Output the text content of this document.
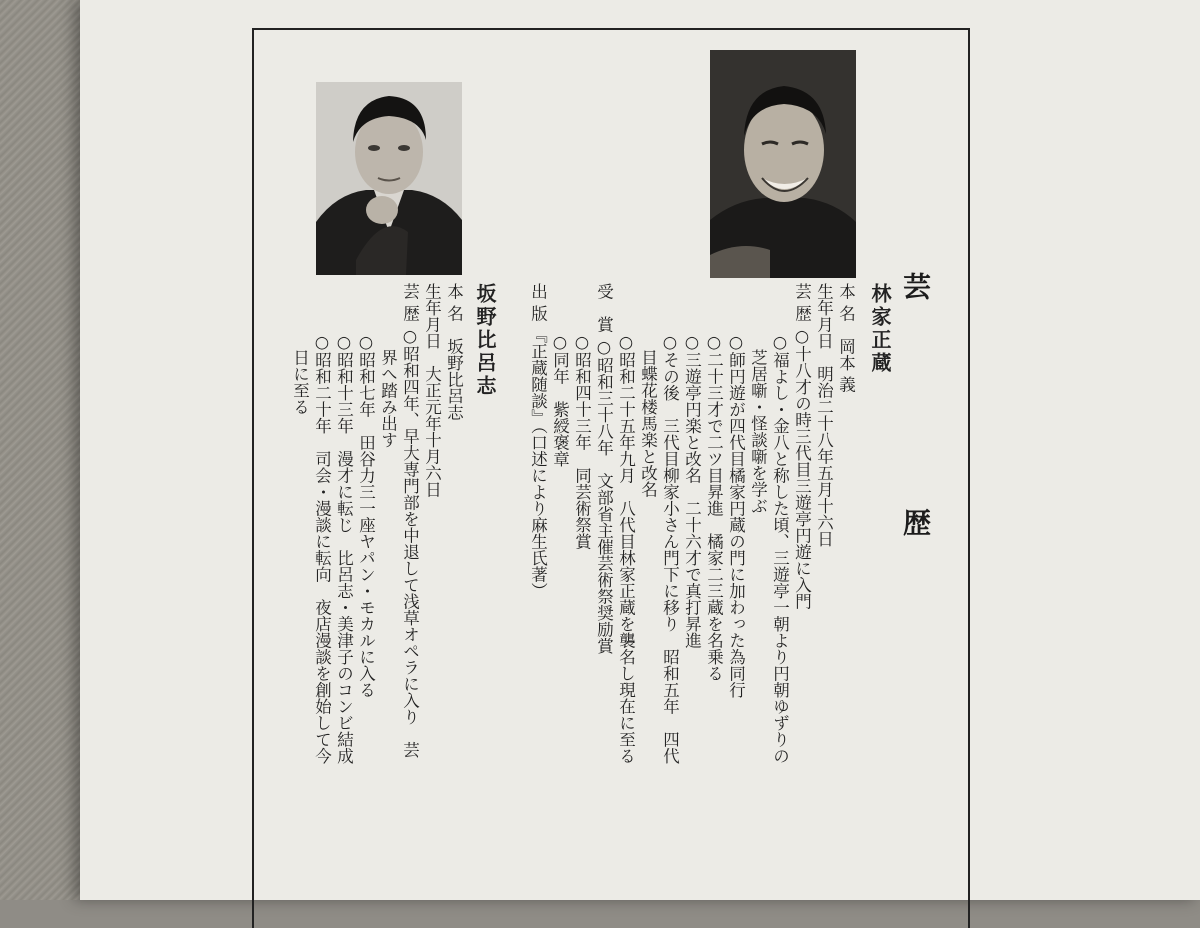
芸　歴
林家正蔵
本 名　岡本 義
生年月日　明治二十八年五月十六日
芸 歴 ○十八才の時三代目三遊亭円遊に入門
　　　○福よし・金八と称した頃、三遊亭一朝より円朝ゆずりの
　　　　芝居噺・怪談噺を学ぶ
　　　○師円遊が四代目橘家円蔵の門に加わった為同行
　　　○二十三才で二ツ目昇進　橘家二三蔵を名乗る
　　　○三遊亭円楽と改名　二十六才で真打昇進
　　　○その後　三代目柳家小さん門下に移り　昭和五年　四代
　　　　目蝶花楼馬楽と改名
　　　○昭和二十五年九月　八代目林家正蔵を襲名し現在に至る
受　賞 ○昭和三十八年　文部省主催芸術祭奨励賞
　　　○昭和四十三年　同芸術祭賞
　　　○同年　紫綬褒章
出 版 『正蔵随談』（口述により麻生氏著）
坂野比呂志
本 名　坂野比呂志
生年月日　大正元年十月六日
芸 歴 ○昭和四年、早大専門部を中退して浅草オペラに入り　芸
　　　　界へ踏み出す
　　　○昭和七年　田谷力三一座ヤパン・モカルに入る
　　　○昭和十三年　漫才に転じ　比呂志・美津子のコンビ結成
　　　○昭和二十年　司会・漫談に転向　夜店漫談を創始して今
　　　　日に至る
